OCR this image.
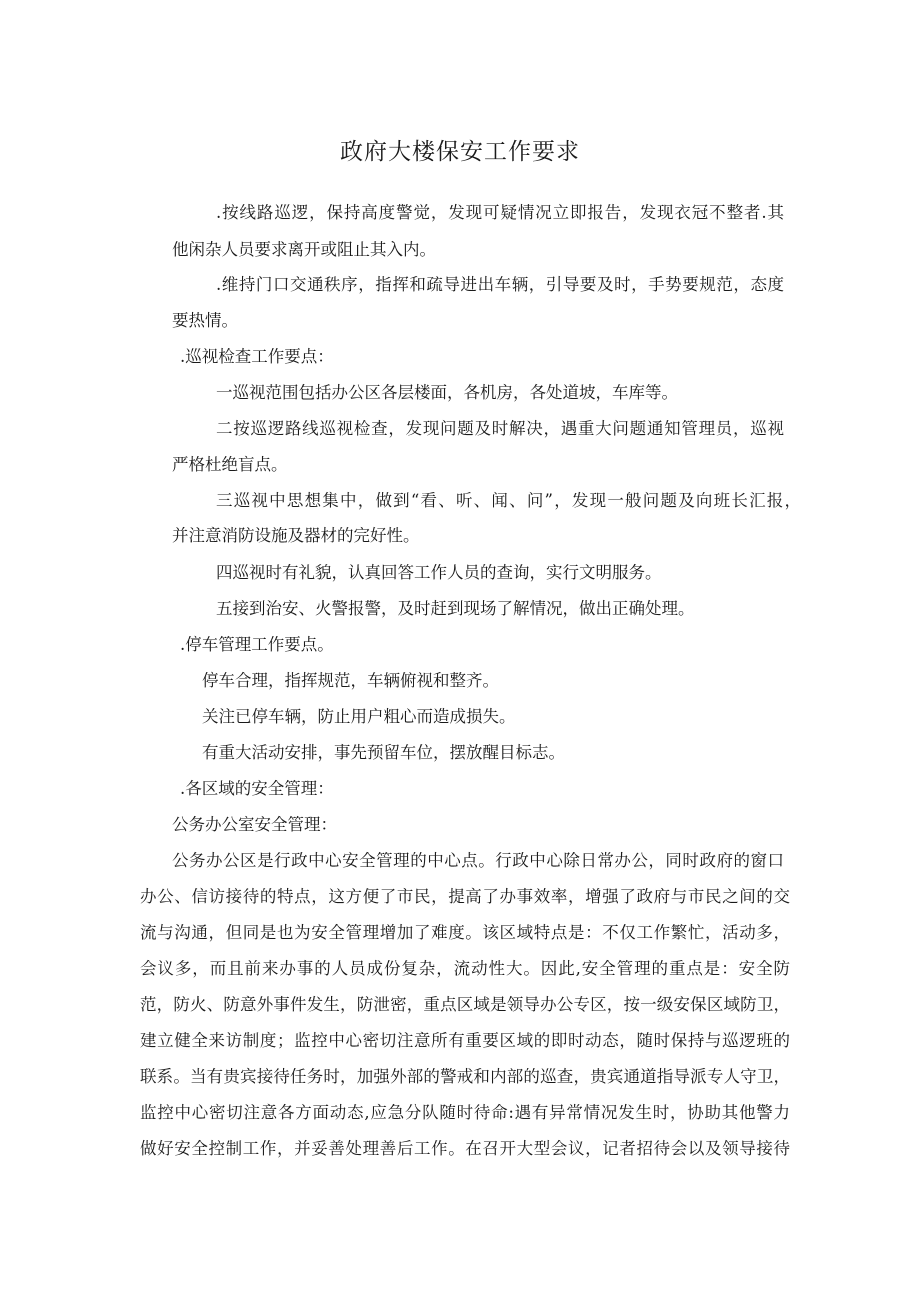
政府大楼保安工作要求
.按线路巡逻，保持高度警觉，发现可疑情况立即报告，发现衣冠不整者.其
他闲杂人员要求离开或阻止其入内。
.维持门口交通秩序，指挥和疏导进出车辆，引导要及时，手势要规范，态度
要热情。
.巡视检查工作要点：
一巡视范围包括办公区各层楼面，各机房，各处道坡，车库等。
二按巡逻路线巡视检查，发现问题及时解决，遇重大问题通知管理员，巡视
严格杜绝盲点。
三巡视中思想集中，做到“看、听、闻、问”，发现一般问题及向班长汇报，
并注意消防设施及器材的完好性。
四巡视时有礼貌，认真回答工作人员的查询，实行文明服务。
五接到治安、火警报警，及时赶到现场了解情况，做出正确处理。
.停车管理工作要点。
停车合理，指挥规范，车辆俯视和整齐。
关注已停车辆，防止用户粗心而造成损失。
有重大活动安排，事先预留车位，摆放醒目标志。
.各区域的安全管理：
公务办公室安全管理：
公务办公区是行政中心安全管理的中心点。行政中心除日常办公，同时政府的窗口
办公、信访接待的特点，这方便了市民，提高了办事效率，增强了政府与市民之间的交
流与沟通，但同是也为安全管理增加了难度。该区域特点是：不仅工作繁忙，活动多，
会议多，而且前来办事的人员成份复杂，流动性大。因此,安全管理的重点是：安全防
范，防火、防意外事件发生，防泄密，重点区域是领导办公专区，按一级安保区域防卫，
建立健全来访制度；监控中心密切注意所有重要区域的即时动态，随时保持与巡逻班的
联系。当有贵宾接待任务时，加强外部的警戒和内部的巡查，贵宾通道指导派专人守卫，
监控中心密切注意各方面动态,应急分队随时待命:遇有异常情况发生时，协助其他警力
做好安全控制工作，并妥善处理善后工作。在召开大型会议，记者招待会以及领导接待
